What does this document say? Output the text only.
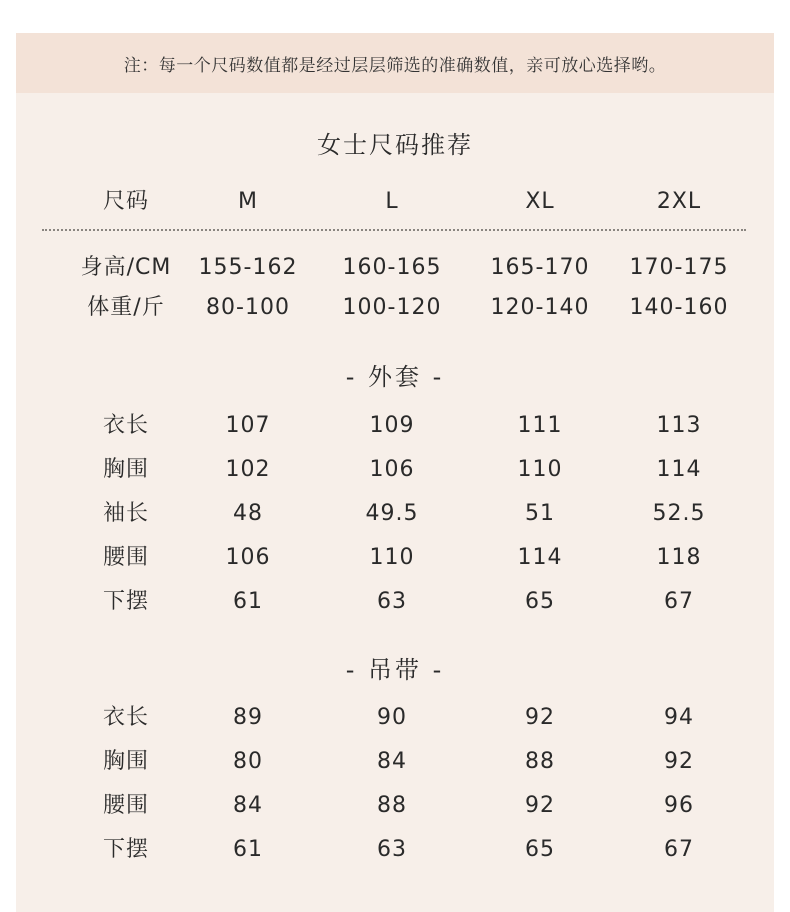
注：每一个尺码数值都是经过层层筛选的准确数值，亲可放心选择哟。
女士尺码推荐
尺码	M	L	XL	2XL
身高/CM	155-162	160-165	165-170	170-175
体重/斤	80-100	100-120	120-140	140-160
- 外套 -
衣长	107	109	111	113
胸围	102	106	110	114
袖长	48	49.5	51	52.5
腰围	106	110	114	118
下摆	61	63	65	67
- 吊带 -
衣长	89	90	92	94
胸围	80	84	88	92
腰围	84	88	92	96
下摆	61	63	65	67
